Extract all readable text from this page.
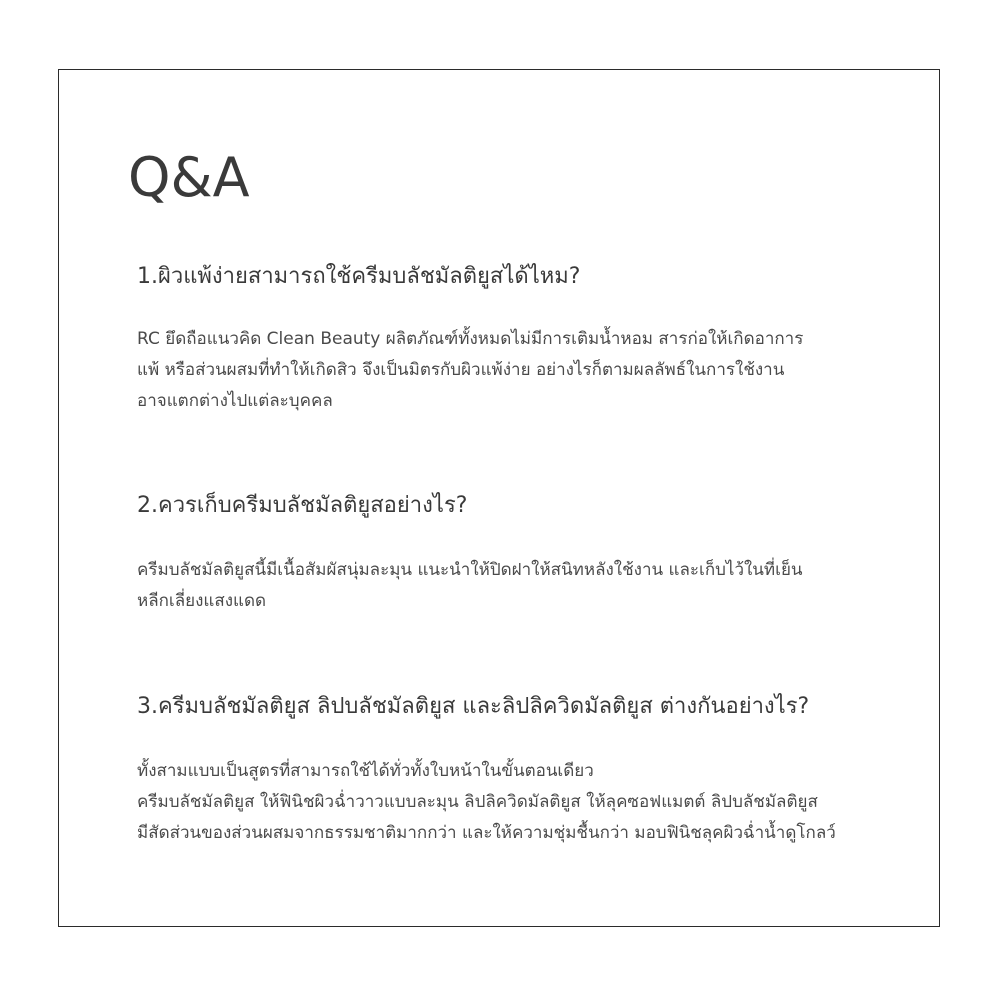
Q&A
1.ผิวแพ้ง่ายสามารถใช้ครีมบลัชมัลติยูสได้ไหม?
RC ยึดถือแนวคิด Clean Beauty ผลิตภัณฑ์ทั้งหมดไม่มีการเติมน้ำหอม สารก่อให้เกิดอาการ
แพ้ หรือส่วนผสมที่ทำให้เกิดสิว จึงเป็นมิตรกับผิวแพ้ง่าย อย่างไรก็ตามผลลัพธ์ในการใช้งาน
อาจแตกต่างไปแต่ละบุคคล
2.ควรเก็บครีมบลัชมัลติยูสอย่างไร?
ครีมบลัชมัลติยูสนี้มีเนื้อสัมผัสนุ่มละมุน แนะนำให้ปิดฝาให้สนิทหลังใช้งาน และเก็บไว้ในที่เย็น
หลีกเลี่ยงแสงแดด
3.ครีมบลัชมัลติยูส ลิปบลัชมัลติยูส และลิปลิควิดมัลติยูส ต่างกันอย่างไร?
ทั้งสามแบบเป็นสูตรที่สามารถใช้ได้ทั่วทั้งใบหน้าในขั้นตอนเดียว
ครีมบลัชมัลติยูส ให้ฟินิชผิวฉ่ำวาวแบบละมุน ลิปลิควิดมัลติยูส ให้ลุคซอฟแมตต์ ลิปบลัชมัลติยูส
มีสัดส่วนของส่วนผสมจากธรรมชาติมากกว่า และให้ความชุ่มชื้นกว่า มอบฟินิชลุคผิวฉ่ำน้ำดูโกลว์
